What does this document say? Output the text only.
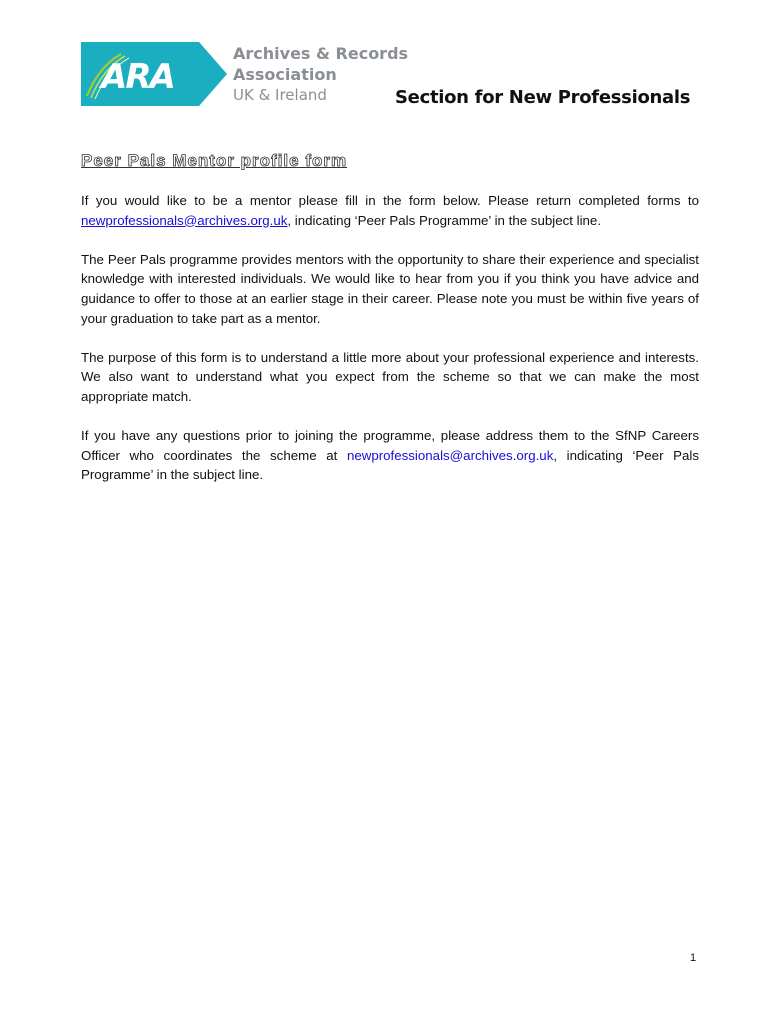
ARA
Archives & Records
Association
UK & Ireland	Section for New Professionals
Peer Pals Mentor profile form

If you would like to be a mentor please fill in the form below. Please return completed forms to newprofessionals@archives.org.uk, indicating ‘Peer Pals Programme’ in the subject line.

The Peer Pals programme provides mentors with the opportunity to share their experience and specialist knowledge with interested individuals. We would like to hear from you if you think you have advice and guidance to offer to those at an earlier stage in their career. Please note you must be within five years of your graduation to take part as a mentor.

The purpose of this form is to understand a little more about your professional experience and interests. We also want to understand what you expect from the scheme so that we can make the most appropriate match.

If you have any questions prior to joining the programme, please address them to the SfNP Careers Officer who coordinates the scheme at newprofessionals@archives.org.uk, indicating ‘Peer Pals Programme’ in the subject line.

1
